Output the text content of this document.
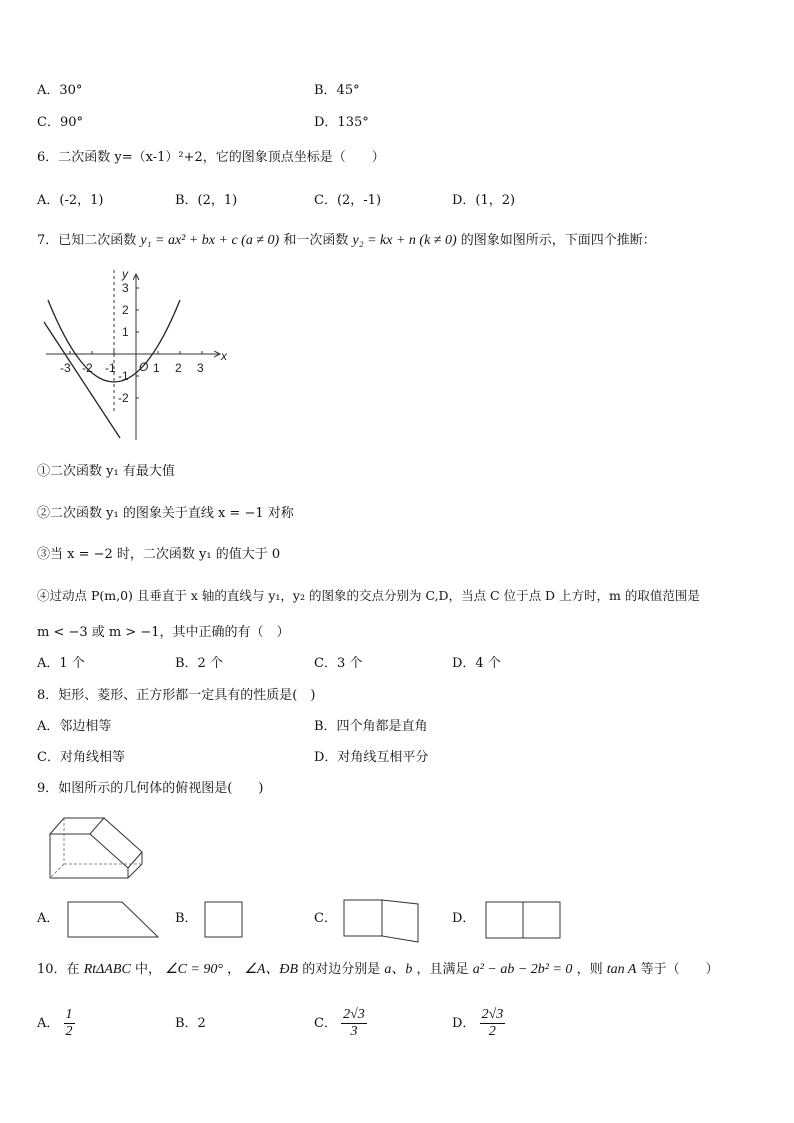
A．30°	B．45°
C．90°	D．135°
6．二次函数 y=（x-1）²+2，它的图象顶点坐标是（　　）
A．(-2，1)	B．(2，1)	C．(2，-1)	D．(1，2)
7．已知二次函数 y₁ = ax² + bx + c (a ≠ 0) 和一次函数 y₂ = kx + n (k ≠ 0) 的图象如图所示，下面四个推断：
y
x
O
-3 -2 -1	1 2 3
3
2
1
-1
-2
①二次函数 y₁ 有最大值
②二次函数 y₁ 的图象关于直线 x = −1 对称
③当 x = −2 时，二次函数 y₁ 的值大于 0
④过动点 P(m,0) 且垂直于 x 轴的直线与 y₁，y₂ 的图象的交点分别为 C,D，当点 C 位于点 D 上方时，m 的取值范围是
m < −3 或 m > −1，其中正确的有（　）
A．1 个	B．2 个	C．3 个	D．4 个
8．矩形、菱形、正方形都一定具有的性质是(　)
A．邻边相等	B．四个角都是直角
C．对角线相等	D．对角线互相平分
9．如图所示的几何体的俯视图是(　　)
A．	B．	C．	D．
10．在 RtΔABC 中， ∠C = 90° ， ∠A、ÐB 的对边分别是 a、b ，且满足 a² − ab − 2b² = 0 ，则 tan A 等于（　　）
A． $\frac{1}{2}$	B．2	C． $\frac{2√3}{3}$	D． $\frac{2√3}{2}$
